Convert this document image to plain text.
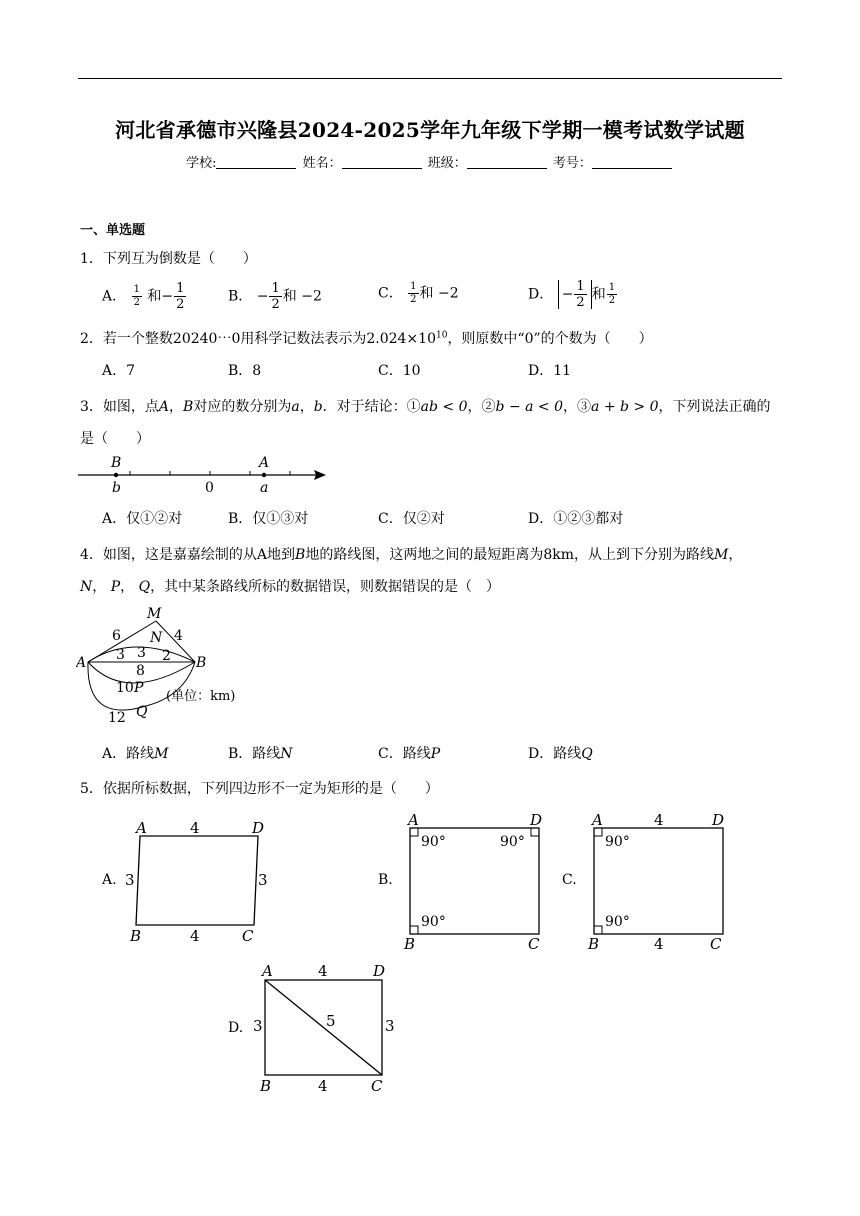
河北省承德市兴隆县2024-2025学年九年级下学期一模考试数学试题
学校:	姓名：	班级：	考号：
一、单选题
1．下列互为倒数是（　　）
A． $\frac{1}{2}$ 和− $\frac{1}{2}$	B． − $\frac{1}{2}$ 和 −2	C． $\frac{1}{2}$ 和 −2	D． − $\frac{1}{2}$ 和 $\frac{1}{2}$
2．若一个整数20240⋯0用科学记数法表示为$2.024\times 10^{10}$，则原数中“0”的个数为（　　）
A．7	B．8	C．10	D．11
3．如图，点A，B对应的数分别为a，b．对于结论：①ab < 0，②b − a < 0，③a + b > 0，下列说法正确的
是（　　）
B
b	0
A
a
A．仅①②对	B．仅①③对	C．仅②对	D．①②③都对
4．如图，这是嘉嘉绘制的从A地到B地的路线图，这两地之间的最短距离为8km，从上到下分别为路线M，
N， P， Q，其中某条路线所标的数据错误，则数据错误的是（　）
M
N
A	B
P
Q
6	4
3 3 2
8
10
12
(单位：km)
A．路线M	B．路线N	C．路线P	D．路线Q
5．依据所标数据，下列四边形不一定为矩形的是（　　）
A.
A	D
B	C
4
4
3	3	B.
A	D
B	C
90°	90°
90°
C.
A	D
B	C
4
4
90°
90°
D.
A	D
B	C
4
4
3	3
5
